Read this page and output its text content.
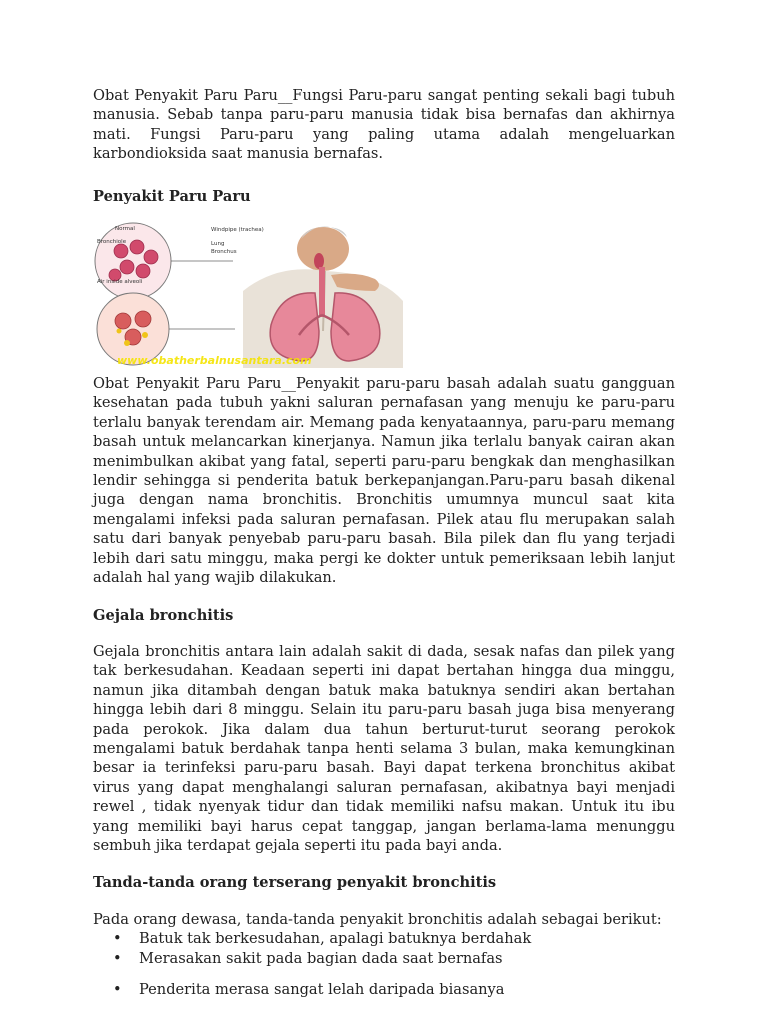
Obat Penyakit Paru Paru__Fungsi Paru-paru sangat penting sekali bagi tubuh manusia. Sebab tanpa paru-paru manusia tidak bisa bernafas dan akhirnya mati. Fungsi Paru-paru yang paling utama adalah mengeluarkan karbondioksida saat manusia bernafas.

Penyakit Paru Paru
Normal
Bronchiole
Air inside alveoli
Windpipe (trachea)
Lung
Bronchus
www.obatherbalnusantara.com

Obat Penyakit Paru Paru__Penyakit paru-paru basah adalah suatu gangguan kesehatan pada tubuh yakni saluran pernafasan yang menuju ke paru-paru terlalu banyak terendam air. Memang pada kenyataannya, paru-paru memang basah untuk melancarkan kinerjanya. Namun jika terlalu banyak cairan akan menimbulkan akibat yang fatal, seperti paru-paru bengkak dan menghasilkan lendir sehingga si penderita batuk berkepanjangan.Paru-paru basah dikenal juga dengan nama bronchitis. Bronchitis umumnya muncul saat kita mengalami infeksi pada saluran pernafasan. Pilek atau flu merupakan salah satu dari banyak penyebab paru-paru basah. Bila pilek dan flu yang terjadi lebih dari satu minggu, maka pergi ke dokter untuk pemeriksaan lebih lanjut adalah hal yang wajib dilakukan.

Gejala bronchitis

Gejala bronchitis antara lain adalah sakit di dada, sesak nafas dan pilek yang tak berkesudahan. Keadaan seperti ini dapat bertahan hingga dua minggu, namun jika ditambah dengan batuk maka batuknya sendiri akan bertahan hingga lebih dari 8 minggu. Selain itu paru-paru basah juga bisa menyerang pada perokok. Jika dalam dua tahun berturut-turut seorang perokok mengalami batuk berdahak tanpa henti selama 3 bulan, maka kemungkinan besar ia terinfeksi paru-paru basah. Bayi dapat terkena bronchitus akibat virus yang dapat menghalangi saluran pernafasan, akibatnya bayi menjadi rewel , tidak nyenyak tidur dan tidak memiliki nafsu makan. Untuk itu ibu yang memiliki bayi harus cepat tanggap, jangan berlama-lama menunggu sembuh jika terdapat gejala seperti itu pada bayi anda.

Tanda-tanda orang terserang penyakit bronchitis

Pada orang dewasa, tanda-tanda penyakit bronchitis adalah sebagai berikut:

• Batuk tak berkesudahan, apalagi batuknya berdahak
• Merasakan sakit pada bagian dada saat bernafas
• Penderita merasa sangat lelah daripada biasanya
